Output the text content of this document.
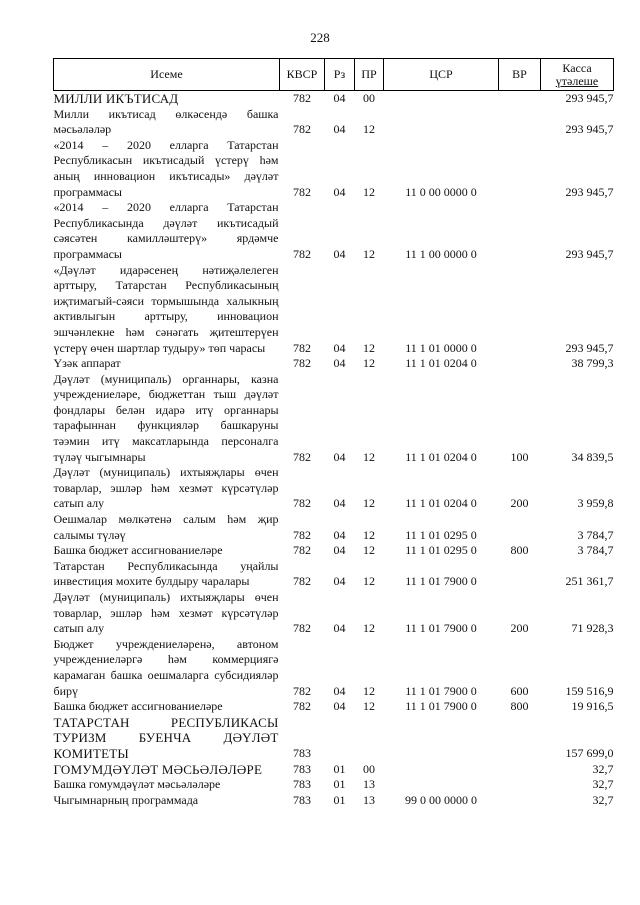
228
Исеме	КВСР	Рз	ПР	ЦСР	ВР	Касса
үтәлеше

МИЛЛИ ИКЪТИСАД	782	04	00			293 945,7
Милли икътисад өлкәсендә башка мәсьәләләр	782	04	12			293 945,7
«2014 – 2020 елларга Татарстан Республикасын икътисадый үстерү һәм аның инновацион икътисады» дәүләт программасы	782	04	12	11 0 00 0000 0		293 945,7
«2014 – 2020 елларга Татарстан Республикасында дәүләт икътисадый сәясәтен камилләштерү» ярдәмче программасы	782	04	12	11 1 00 0000 0		293 945,7
«Дәүләт идарәсенең нәтиҗәлелеген арттыру, Татарстан Республикасының иҗтимагый-сәяси тормышында халыкның активлыгын арттыру, инновацион эшчәнлекне һәм сәнәгать җитештерүен үстерү өчен шартлар тудыру» төп чарасы	782	04	12	11 1 01 0000 0		293 945,7
Үзәк аппарат	782	04	12	11 1 01 0204 0		38 799,3
Дәүләт (муниципаль) органнары, казна учреждениеләре, бюджеттан тыш дәүләт фондлары белән идарә итү органнары тарафыннан функцияләр башкаруны тәэмин итү максатларында персоналга түләү чыгымнары	782	04	12	11 1 01 0204 0	100	34 839,5
Дәүләт (муниципаль) ихтыяҗлары өчен товарлар, эшләр һәм хезмәт күрсәтүләр сатып алу	782	04	12	11 1 01 0204 0	200	3 959,8
Оешмалар мөлкәтенә салым һәм җир салымы түләү	782	04	12	11 1 01 0295 0		3 784,7
Башка бюджет ассигнованиеләре	782	04	12	11 1 01 0295 0	800	3 784,7
Татарстан Республикасында уңайлы инвестиция мохите булдыру чаралары	782	04	12	11 1 01 7900 0		251 361,7
Дәүләт (муниципаль) ихтыяҗлары өчен товарлар, эшләр һәм хезмәт күрсәтүләр сатып алу	782	04	12	11 1 01 7900 0	200	71 928,3
Бюджет учреждениеләренә, автоном учреждениеләргә һәм коммерциягә карамаган башка оешмаларга субсидияләр бирү	782	04	12	11 1 01 7900 0	600	159 516,9
Башка бюджет ассигнованиеләре	782	04	12	11 1 01 7900 0	800	19 916,5
ТАТАРСТАН РЕСПУБЛИКАСЫ ТУРИЗМ БУЕНЧА ДӘҮЛӘТ КОМИТЕТЫ	783					157 699,0
ГОМУМДӘҮЛӘТ МӘСЬӘЛӘЛӘРЕ	783	01	00			32,7
Башка гомумдәүләт мәсьәләләре	783	01	13			32,7
Чыгымнарның программада	783	01	13	99 0 00 0000 0		32,7
